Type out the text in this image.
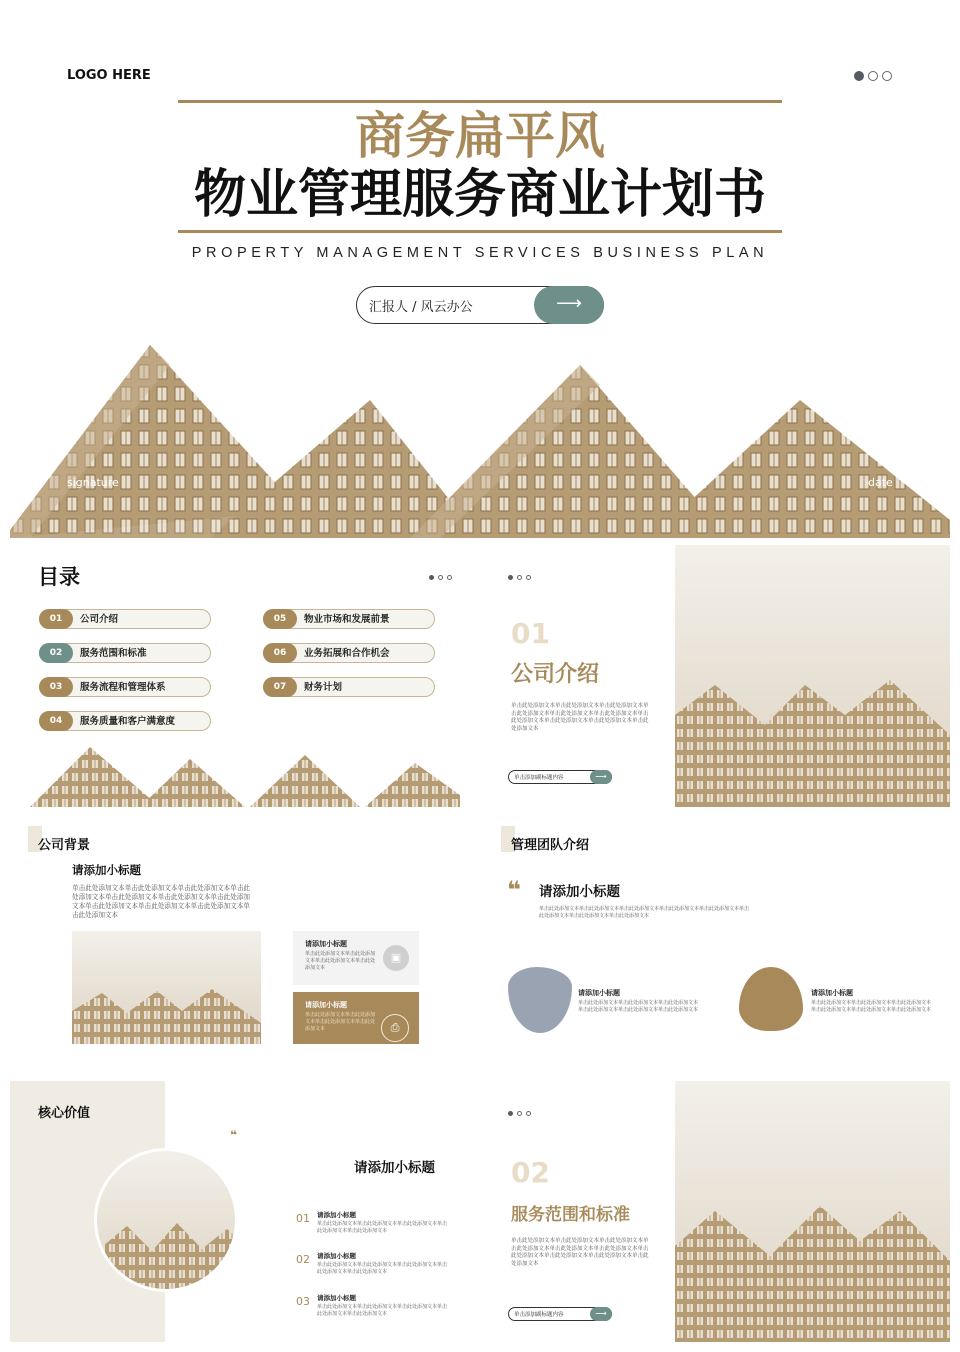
LOGO HERE
商务扁平风
物业管理服务商业计划书
PROPERTY MANAGEMENT SERVICES BUSINESS PLAN
汇报人 / 风云办公	⟶
signature	date
目录
01	公司介绍
02	服务范围和标准
03	服务流程和管理体系
04	服务质量和客户满意度
05	物业市场和发展前景
06	业务拓展和合作机会
07	财务计划
01
公司介绍
单击此处添加文本单击此处添加文本单击此处添加文本单击此处添加文本单击此处添加文本单击此处添加文本单击此处添加文本单击此处添加文本单击此处添加文本单击此处添加文本
单击添加副标题内容	⟶
公司背景
请添加小标题
单击此处添加文本单击此处添加文本单击此处添加文本单击此处添加文本单击此处添加文本单击此处添加文本单击此处添加文本单击此处添加文本单击此处添加文本单击此处添加文本单击此处添加文本
请添加小标题
单击此处添加文本单击此处添加文本单击此处添加文本单击此处添加文本
▣
请添加小标题
单击此处添加文本单击此处添加文本单击此处添加文本单击此处添加文本	⎙
管理团队介绍
❝ 请添加小标题
单击此处添加文本单击此处添加文本单击此处添加文本单击此处添加文本单击此处添加文本单击此处添加文本单击此处添加文本单击此处添加文本
请添加小标题
单击此处添加文本单击此处添加文本单击此处添加文本单击此处添加文本单击此处添加文本单击此处添加文本
请添加小标题
单击此处添加文本单击此处添加文本单击此处添加文本单击此处添加文本单击此处添加文本单击此处添加文本
核心价值
❝
请添加小标题
01 请添加小标题
单击此处添加文本单击此处添加文本单击此处添加文本单击此处添加文本单击此处添加文本
02 请添加小标题
单击此处添加文本单击此处添加文本单击此处添加文本单击此处添加文本单击此处添加文本
03 请添加小标题
单击此处添加文本单击此处添加文本单击此处添加文本单击此处添加文本单击此处添加文本
02
服务范围和标准
单击此处添加文本单击此处添加文本单击此处添加文本单击此处添加文本单击此处添加文本单击此处添加文本单击此处添加文本单击此处添加文本单击此处添加文本单击此处添加文本
单击添加副标题内容	⟶
